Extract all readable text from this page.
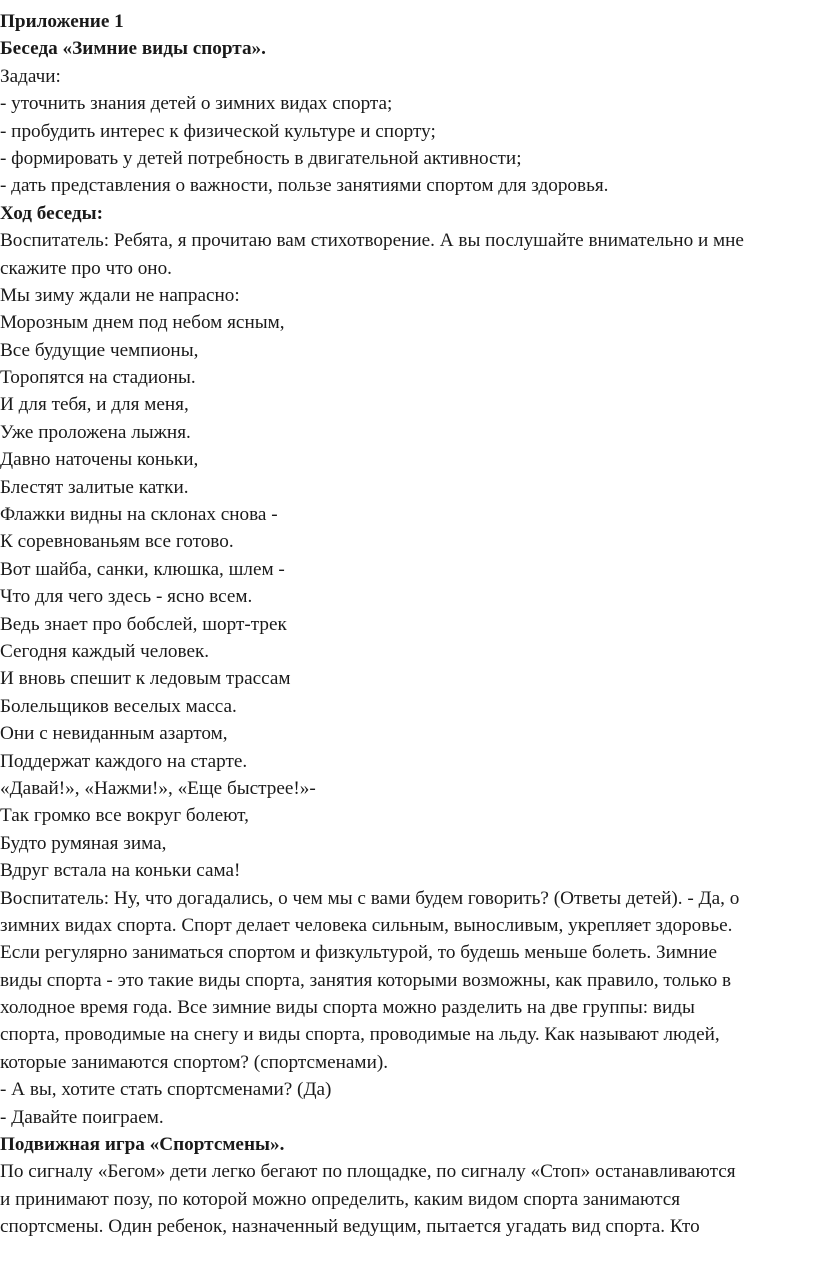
Приложение 1
Беседа «Зимние виды спорта».
Задачи:
- уточнить знания детей о зимних видах спорта;
- пробудить интерес к физической культуре и спорту;
- формировать у детей потребность в двигательной активности;
- дать представления о важности, пользе занятиями спортом для здоровья.
Ход беседы:
Воспитатель: Ребята, я прочитаю вам стихотворение. А вы послушайте внимательно и мне
скажите про что оно.
Мы зиму ждали не напрасно:
Морозным днем под небом ясным,
Все будущие чемпионы,
Торопятся на стадионы.
И для тебя, и для меня,
Уже проложена лыжня.
Давно наточены коньки,
Блестят залитые катки.
Флажки видны на склонах снова -
К соревнованьям все готово.
Вот шайба, санки, клюшка, шлем -
Что для чего здесь - ясно всем.
Ведь знает про бобслей, шорт-трек
Сегодня каждый человек.
И вновь спешит к ледовым трассам
Болельщиков веселых масса.
Они с невиданным азартом,
Поддержат каждого на старте.
«Давай!», «Нажми!», «Еще быстрее!»-
Так громко все вокруг болеют,
Будто румяная зима,
Вдруг встала на коньки сама!
Воспитатель: Ну, что догадались, о чем мы с вами будем говорить? (Ответы детей). - Да, о
зимних видах спорта. Спорт делает человека сильным, выносливым, укрепляет здоровье.
Если регулярно заниматься спортом и физкультурой, то будешь меньше болеть. Зимние
виды спорта - это такие виды спорта, занятия которыми возможны, как правило, только в
холодное время года. Все зимние виды спорта можно разделить на две группы: виды
спорта, проводимые на снегу и виды спорта, проводимые на льду. Как называют людей,
которые занимаются спортом? (спортсменами).
- А вы, хотите стать спортсменами? (Да)
- Давайте поиграем.
Подвижная игра «Спортсмены».
По сигналу «Бегом» дети легко бегают по площадке, по сигналу «Стоп» останавливаются
и принимают позу, по которой можно определить, каким видом спорта занимаются
спортсмены. Один ребенок, назначенный ведущим, пытается угадать вид спорта. Кто
